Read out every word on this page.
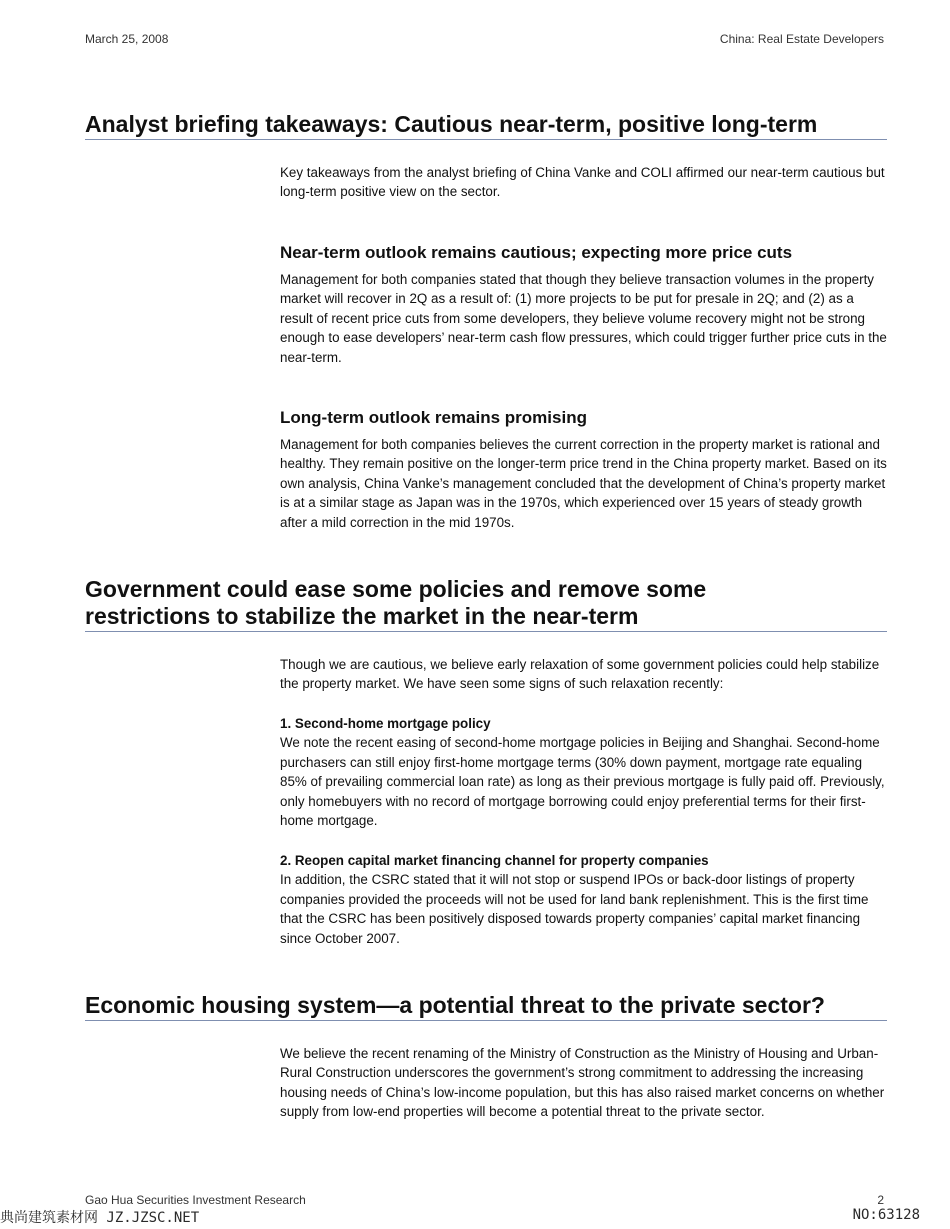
March 25, 2008	China: Real Estate Developers
Analyst briefing takeaways: Cautious near-term, positive long-term

Key takeaways from the analyst briefing of China Vanke and COLI affirmed our near-term cautious but long-term positive view on the sector.

Near-term outlook remains cautious; expecting more price cuts

Management for both companies stated that though they believe transaction volumes in the property market will recover in 2Q as a result of: (1) more projects to be put for presale in 2Q; and (2) as a result of recent price cuts from some developers, they believe volume recovery might not be strong enough to ease developers’ near-term cash flow pressures, which could trigger further price cuts in the near-term.

Long-term outlook remains promising

Management for both companies believes the current correction in the property market is rational and healthy. They remain positive on the longer-term price trend in the China property market. Based on its own analysis, China Vanke’s management concluded that the development of China’s property market is at a similar stage as Japan was in the 1970s, which experienced over 15 years of steady growth after a mild correction in the mid 1970s.

Government could ease some policies and remove some
restrictions to stabilize the market in the near-term

Though we are cautious, we believe early relaxation of some government policies could help stabilize the property market. We have seen some signs of such relaxation recently:

1. Second-home mortgage policy
We note the recent easing of second-home mortgage policies in Beijing and Shanghai. Second-home purchasers can still enjoy first-home mortgage terms (30% down payment, mortgage rate equaling 85% of prevailing commercial loan rate) as long as their previous mortgage is fully paid off. Previously, only homebuyers with no record of mortgage borrowing could enjoy preferential terms for their first-home mortgage.
2. Reopen capital market financing channel for property companies
In addition, the CSRC stated that it will not stop or suspend IPOs or back-door listings of property companies provided the proceeds will not be used for land bank replenishment. This is the first time that the CSRC has been positively disposed towards property companies’ capital market financing since October 2007.
Economic housing system—a potential threat to the private sector?

We believe the recent renaming of the Ministry of Construction as the Ministry of Housing and Urban-Rural Construction underscores the government’s strong commitment to addressing the increasing housing needs of China’s low-income population, but this has also raised market concerns on whether supply from low-end properties will become a potential threat to the private sector.

Gao Hua Securities Investment Research	2
典尚建筑素材网 JZ.JZSC.NET	NO:63128
